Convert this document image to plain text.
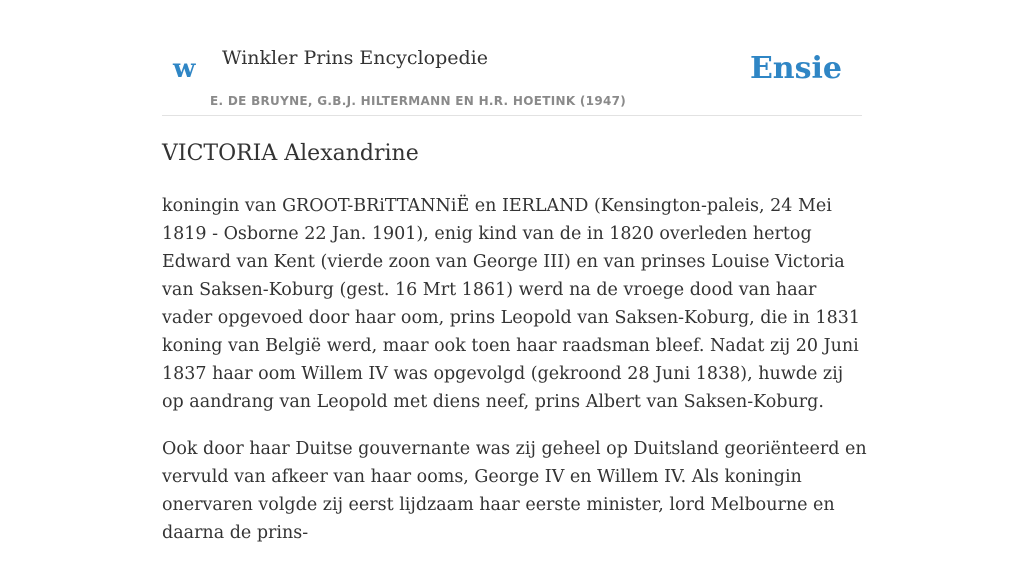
w Winkler Prins Encyclopedie
E. DE BRUYNE, G.B.J. HILTERMANN EN H.R. HOETINK (1947)
Ensie
VICTORIA Alexandrine

koningin van GROOT-BRiTTANNiË en IERLAND (Kensington-paleis, 24 Mei 1819 - Osborne 22 Jan. 1901), enig kind van de in 1820 overleden hertog Edward van Kent (vierde zoon van George III) en van prinses Louise Victoria van Saksen-Koburg (gest. 16 Mrt 1861) werd na de vroege dood van haar vader opgevoed door haar oom, prins Leopold van Saksen-Koburg, die in 1831 koning van België werd, maar ook toen haar raadsman bleef. Nadat zij 20 Juni 1837 haar oom Willem IV was opgevolgd (gekroond 28 Juni 1838), huwde zij op aandrang van Leopold met diens neef, prins Albert van Saksen-Koburg.

Ook door haar Duitse gouvernante was zij geheel op Duitsland georiënteerd en vervuld van afkeer van haar ooms, George IV en Willem IV. Als koningin onervaren volgde zij eerst lijdzaam haar eerste minister, lord Melbourne en daarna de prins-
